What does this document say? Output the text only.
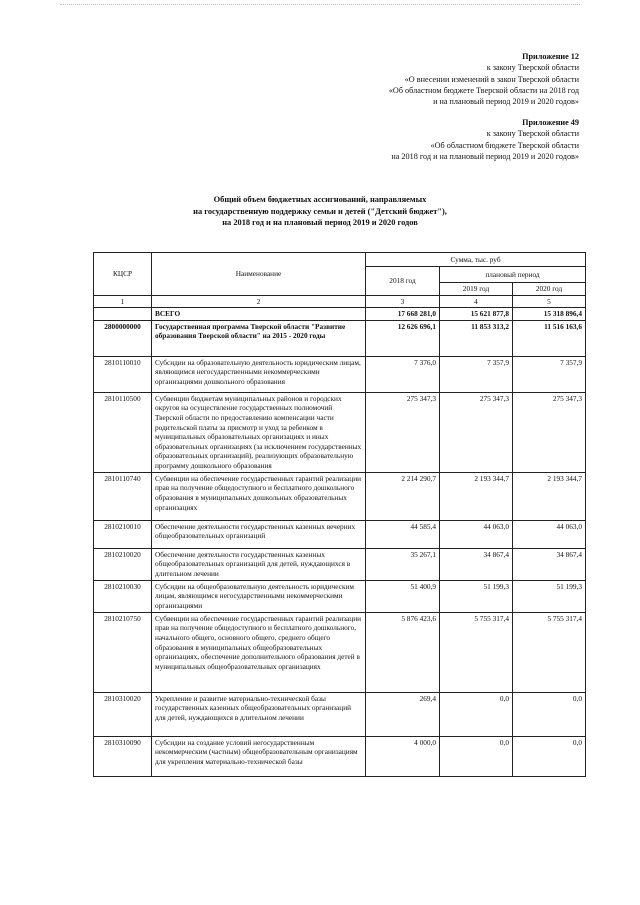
Приложение 12
к закону Тверской области
«О внесении изменений в закон Тверской области
«Об областном бюджете Тверской области на 2018 год
и на плановый период 2019 и 2020 годов»
Приложение 49
к закону Тверской области
«Об областном бюджете Тверской области
на 2018 год и на плановый период 2019 и 2020 годов»
Общий объем бюджетных ассигнований, направляемых
на государственную поддержку семьи и детей ("Детский бюджет"),
на 2018 год и на плановый период 2019 и 2020 годов
КЦСР	Наименование	Сумма, тыс. руб		
		2018 год	плановый период	
			2019 год	2020 год
1	2	3	4	5
	ВСЕГО	17 668 281,0	15 621 877,8	15 318 896,4
2800000000	Государственная программа Тверской области "Развитие образования Тверской области" на 2015 - 2020 годы	12 626 696,1	11 853 313,2	11 516 163,6
2810110010	Субсидии на образовательную деятельность юридическим лицам, являющимся негосударственными некоммерческими организациями дошкольного образования	7 376,0	7 357,9	7 357,9
2810110500	Субвенции бюджетам муниципальных районов и городских округов на осуществление государственных полномочий Тверской области по предоставлению компенсации части родительской платы за присмотр и уход за ребенком в муниципальных образовательных организациях и иных образовательных организациях (за исключением государственных образовательных организаций), реализующих образовательную программу дошкольного образования	275 347,3	275 347,3	275 347,3
2810110740	Субвенции на обеспечение государственных гарантий реализации прав на получение общедоступного и бесплатного дошкольного образования в муниципальных дошкольных образовательных организациях	2 214 290,7	2 193 344,7	2 193 344,7
2810210010	Обеспечение деятельности государственных казенных вечерних общеобразовательных организаций	44 585,4	44 063,0	44 063,0
2810210020	Обеспечение деятельности государственных казенных общеобразовательных организаций для детей, нуждающихся в длительном лечении	35 267,1	34 867,4	34 867,4
2810210030	Субсидии на общеобразовательную деятельность юридическим лицам, являющимся негосударственными некоммерческими организациями	51 400,9	51 199,3	51 199,3
2810210750	Субвенции на обеспечение государственных гарантий реализации прав на получение общедоступного и бесплатного дошкольного, начального общего, основного общего, среднего общего образования в муниципальных общеобразовательных организациях, обеспечение дополнительного образования детей в муниципальных общеобразовательных организациях	5 876 423,6	5 755 317,4	5 755 317,4
2810310020	Укрепление и развитие материально-технической базы государственных казенных общеобразовательных организаций для детей, нуждающихся в длительном лечении	269,4	0,0	0,0
2810310090	Субсидии на создание условий негосударственным некоммерческим (частным) общеобразовательным организациям для укрепления материально-технической базы	4 000,0	0,0	0,0
